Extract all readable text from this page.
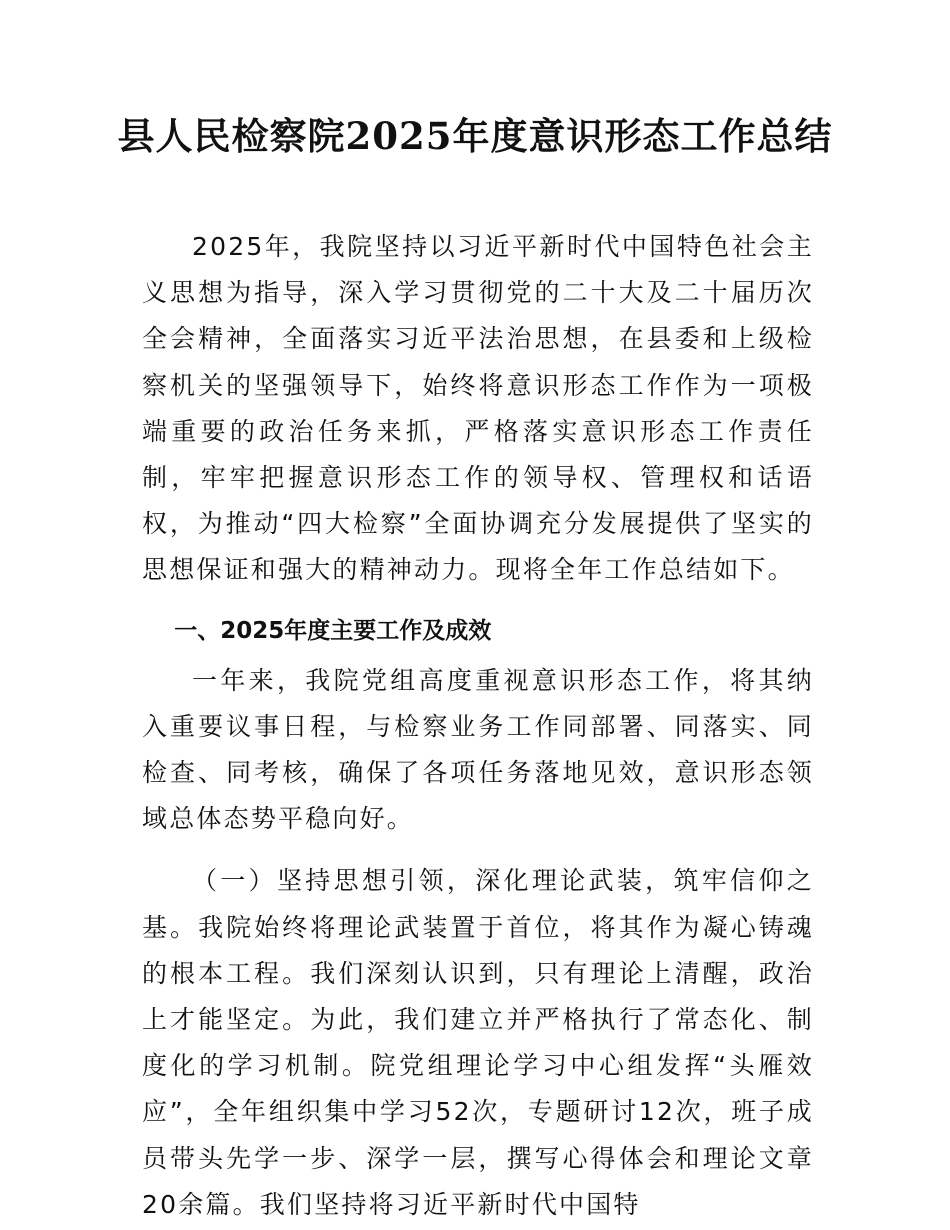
县人民检察院2025年度意识形态工作总结

2025年，我院坚持以习近平新时代中国特色社会主义思想为指导，深入学习贯彻党的二十大及二十届历次全会精神，全面落实习近平法治思想，在县委和上级检察机关的坚强领导下，始终将意识形态工作作为一项极端重要的政治任务来抓，严格落实意识形态工作责任制，牢牢把握意识形态工作的领导权、管理权和话语权，为推动“四大检察”全面协调充分发展提供了坚实的思想保证和强大的精神动力。现将全年工作总结如下。

一、2025年度主要工作及成效

一年来，我院党组高度重视意识形态工作，将其纳入重要议事日程，与检察业务工作同部署、同落实、同检查、同考核，确保了各项任务落地见效，意识形态领域总体态势平稳向好。

（一）坚持思想引领，深化理论武装，筑牢信仰之基。我院始终将理论武装置于首位，将其作为凝心铸魂的根本工程。我们深刻认识到，只有理论上清醒，政治上才能坚定。为此，我们建立并严格执行了常态化、制度化的学习机制。院党组理论学习中心组发挥“头雁效应”，全年组织集中学习52次，专题研讨12次，班子成员带头先学一步、深学一层，撰写心得体会和理论文章20余篇。我们坚持将习近平新时代中国特
